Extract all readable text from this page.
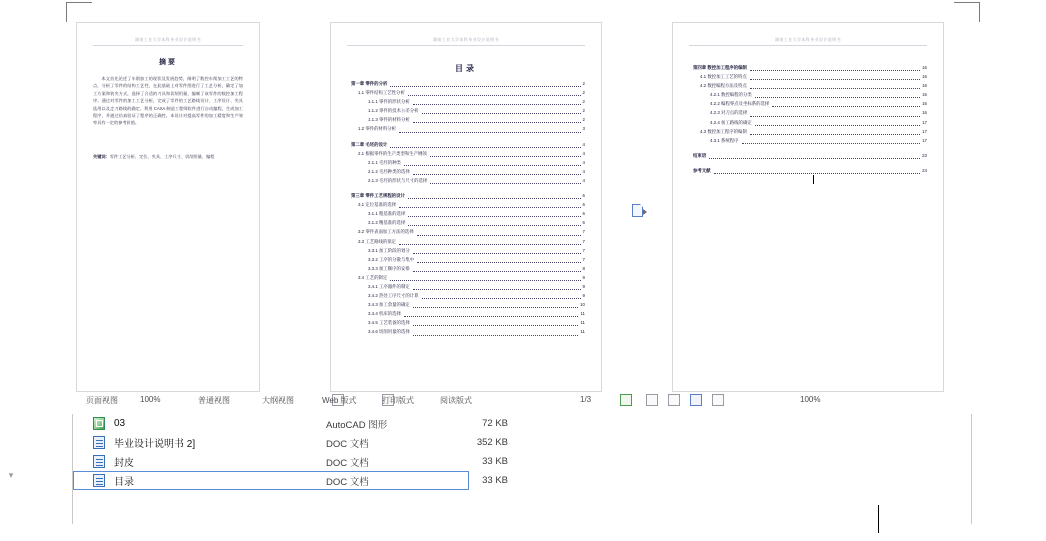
湖南工业大学本科毕业设计说明书
摘要
本文首先论述了车削加工的现状及发展趋势，阐明了数控车削加工工艺的特点，分析了零件的结构工艺性，在此基础上对零件图进行了工艺分析，确定了加工方案和装夹方式，选择了合适的刀具和切削用量，编制了该零件的数控加工程序。通过对零件的加工工艺分析，完成了零件的工艺路线设计、工序设计、夹具选用以及走刀路线的确定。利用 CAXA 制造工程师软件进行自动编程，生成加工程序，并通过仿真验证了程序的正确性。本设计对提高零件的加工精度和生产效率具有一定的参考价值。
关键词：零件工艺分析、定位、夹具、工序尺寸、切削用量、编程
湖南工业大学本科毕业设计说明书
目录
第一章 零件的分析	2
1.1 零件结构工艺性分析	2
1.1.1 零件的形状分析	2
1.1.2 零件的技术公差分析	2
1.1.3 零件的材料分析	2
1.2 零件的材料分析	3
第二章 毛坯的设计	4
2.1 根据零件的生产类型和生产纲领	4
2.1.1 毛坯的种类	4
2.1.2 毛坯种类的选择	4
2.1.3 毛坯的形状与尺寸的选择	4
第三章 零件工艺规程的设计	6
3.1 定位基准的选择	6
3.1.1 粗基准的选择	6
3.1.2 精基准的选择	6
3.2 零件表面加工方法的选择	7
3.3 工艺路线的拟定	7
3.3.1 加工阶段的划分	7
3.3.2 工序的分散与集中	7
3.3.3 加工顺序的安排	8
3.4 工艺的制定	9
3.4.1 工序器件的制定	9
3.4.2 热处工序尺寸的计算	9
3.4.3 加工余量的确定	10
3.4.4 机床的选择	11
3.4.5 工艺装备的选择	11
3.4.6 切削用量的选择	11
湖南工业大学本科毕业设计说明书
第四章 数控加工程序的编制	16
4.1 数控加工工艺的特点	16
4.2 数控编程方法及特点	16
4.2.1 数控编程的分类	16
4.2.2 编程零点及坐标系的选择	16
4.2.3 对刀点的选择	16
4.2.4 加工路线的确定	17
4.3 数控加工程序的编制	17
4.3.1 系统程序	17
结束语	23
参考文献	24
页面视图	100%	普通视图	大纲视图	Web 版式	打印版式	阅读版式	1/3	100%
03	AutoCAD 图形	72 KB
毕业设计说明书 2]	DOC 文档	352 KB
封皮	DOC 文档	33 KB
目录	DOC 文档	33 KB
▾
